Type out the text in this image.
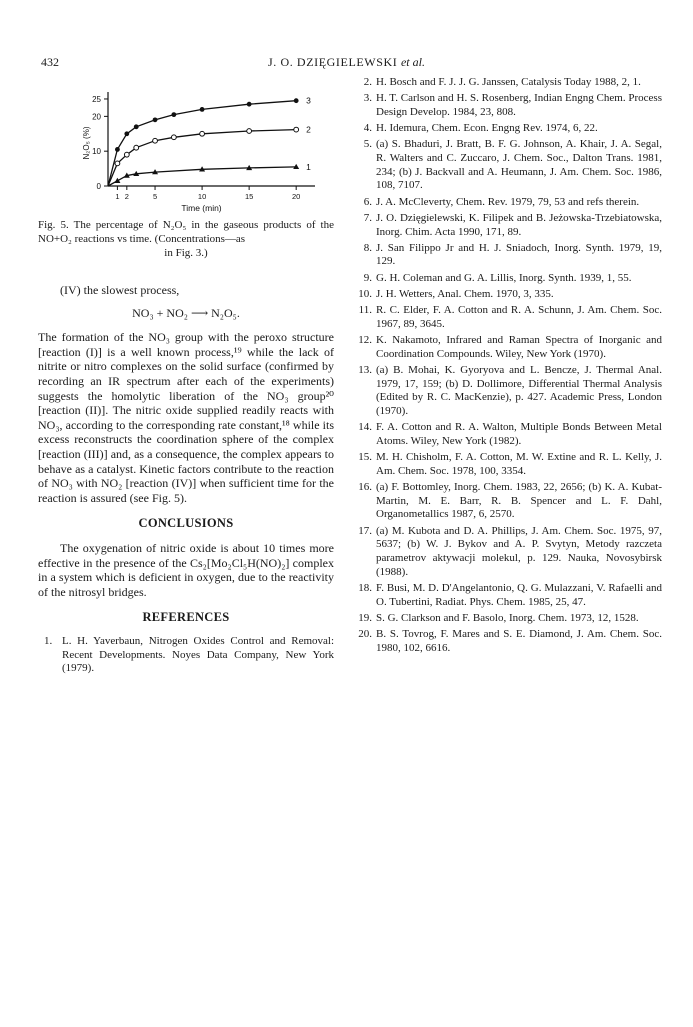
432	J. O. DZIĘGIELEWSKI et al.
25
20
10
0
1 2	5	10	15	20
Time (min)
N₂O₅ (%)
3
2
1
Fig. 5. The percentage of N₂O₅ in the gaseous products of the NO+O₂ reactions vs time. (Concentrations—as
in Fig. 3.)

(IV) the slowest process,

NO₃ + NO₂ ⟶ N₂O₅.

The formation of the NO₃ group with the peroxo structure [reaction (I)] is a well known process,¹⁹ while the lack of nitrite or nitro complexes on the solid surface (confirmed by recording an IR spectrum after each of the experiments) suggests the homolytic liberation of the NO₃ group²⁰ [reaction (II)]. The nitric oxide supplied readily reacts with NO₃, according to the corresponding rate constant,¹⁸ while its excess reconstructs the coordination sphere of the complex [reaction (III)] and, as a consequence, the complex appears to behave as a catalyst. Kinetic factors contribute to the reaction of NO₃ with NO₂ [reaction (IV)] when sufficient time for the reaction is assured (see Fig. 5).

CONCLUSIONS

The oxygenation of nitric oxide is about 10 times more effective in the presence of the Cs₂[Mo₂Cl₅H(NO)₂] complex in a system which is deficient in oxygen, due to the reactivity of the nitrosyl bridges.

REFERENCES
1. L. H. Yaverbaun, Nitrogen Oxides Control and Removal: Recent Developments. Noyes Data Company, New York (1979).
2. H. Bosch and F. J. J. G. Janssen, Catalysis Today 1988, 2, 1.
3. H. T. Carlson and H. S. Rosenberg, Indian Engng Chem. Process Design Develop. 1984, 23, 808.
4. H. Idemura, Chem. Econ. Engng Rev. 1974, 6, 22.
5. (a) S. Bhaduri, J. Bratt, B. F. G. Johnson, A. Khair, J. A. Segal, R. Walters and C. Zuccaro, J. Chem. Soc., Dalton Trans. 1981, 234; (b) J. Backvall and A. Heumann, J. Am. Chem. Soc. 1986, 108, 7107.
6. J. A. McCleverty, Chem. Rev. 1979, 79, 53 and refs therein.
7. J. O. Dzięgielewski, K. Filipek and B. Jeżowska-Trzebiatowska, Inorg. Chim. Acta 1990, 171, 89.
8. J. San Filippo Jr and H. J. Sniadoch, Inorg. Synth. 1979, 19, 129.
9. G. H. Coleman and G. A. Lillis, Inorg. Synth. 1939, 1, 55.
10. J. H. Wetters, Anal. Chem. 1970, 3, 335.
11. R. C. Elder, F. A. Cotton and R. A. Schunn, J. Am. Chem. Soc. 1967, 89, 3645.
12. K. Nakamoto, Infrared and Raman Spectra of Inorganic and Coordination Compounds. Wiley, New York (1970).
13. (a) B. Mohai, K. Gyoryova and L. Bencze, J. Thermal Anal. 1979, 17, 159; (b) D. Dollimore, Differential Thermal Analysis (Edited by R. C. MacKenzie), p. 427. Academic Press, London (1970).
14. F. A. Cotton and R. A. Walton, Multiple Bonds Between Metal Atoms. Wiley, New York (1982).
15. M. H. Chisholm, F. A. Cotton, M. W. Extine and R. L. Kelly, J. Am. Chem. Soc. 1978, 100, 3354.
16. (a) F. Bottomley, Inorg. Chem. 1983, 22, 2656; (b) K. A. Kubat-Martin, M. E. Barr, R. B. Spencer and L. F. Dahl, Organometallics 1987, 6, 2570.
17. (a) M. Kubota and D. A. Phillips, J. Am. Chem. Soc. 1975, 97, 5637; (b) W. J. Bykov and A. P. Svytyn, Metody razczeta parametrov aktywacji molekul, p. 129. Nauka, Novosybirsk (1988).
18. F. Busi, M. D. D'Angelantonio, Q. G. Mulazzani, V. Rafaelli and O. Tubertini, Radiat. Phys. Chem. 1985, 25, 47.
19. S. G. Clarkson and F. Basolo, Inorg. Chem. 1973, 12, 1528.
20. B. S. Tovrog, F. Mares and S. E. Diamond, J. Am. Chem. Soc. 1980, 102, 6616.
